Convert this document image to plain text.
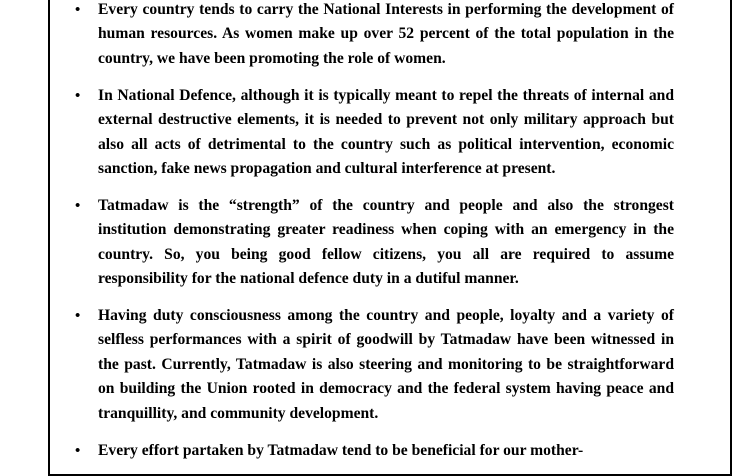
• Every country tends to carry the National Interests in performing the development of human resources. As women make up over 52 percent of the total population in the country, we have been promoting the role of women.
• In National Defence, although it is typically meant to repel the threats of internal and external destructive elements, it is needed to prevent not only military approach but also all acts of detrimental to the country such as political intervention, economic sanction, fake news propagation and cultural interference at present.
• Tatmadaw is the “strength” of the country and people and also the strongest institution demonstrating greater readiness when coping with an emergency in the country. So, you being good fellow citizens, you all are required to assume responsibility for the national defence duty in a dutiful manner.
• Having duty consciousness among the country and people, loyalty and a variety of selfless performances with a spirit of goodwill by Tatmadaw have been witnessed in the past. Currently, Tatmadaw is also steering and monitoring to be straightforward on building the Union rooted in democracy and the federal system having peace and tranquillity, and community development.
• Every effort partaken by Tatmadaw tend to be beneficial for our mother-
